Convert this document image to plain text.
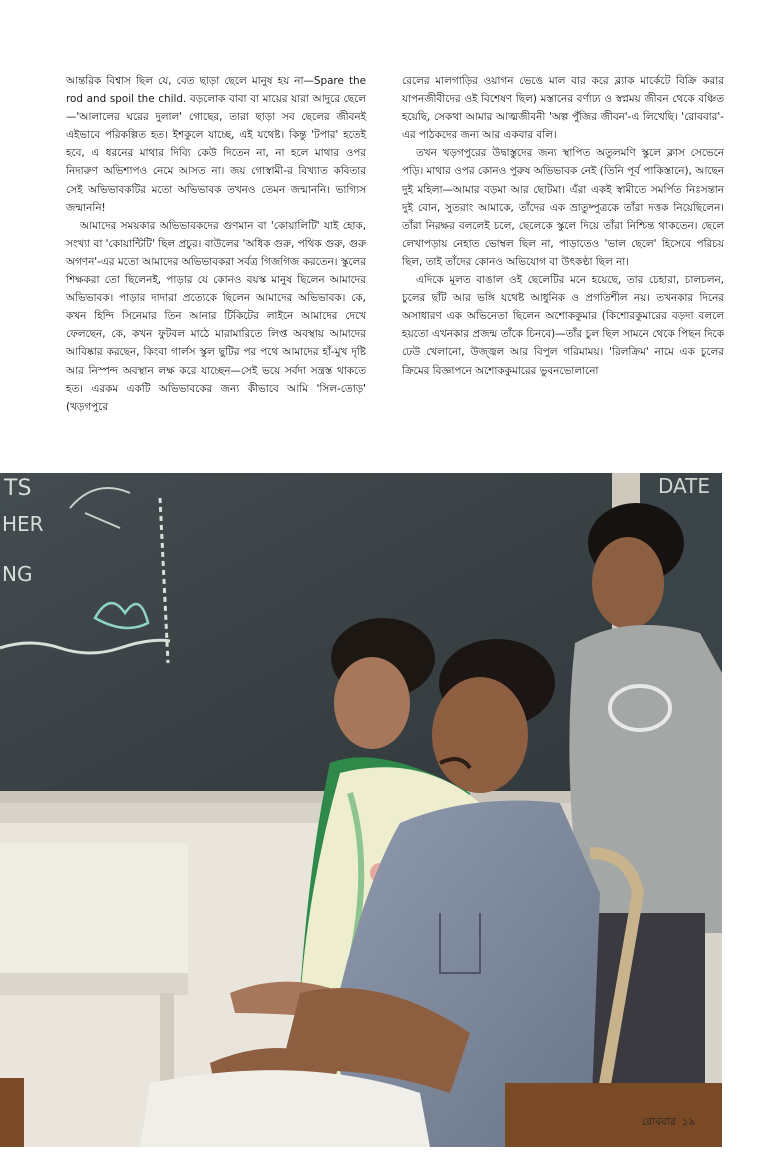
আন্তরিক বিশ্বাস ছিল যে, বেত ছাড়া ছেলে মানুষ হয় না—Spare the rod and spoil the child. বড়লোক বাবা বা মায়ের যারা আদুরে ছেলে—'আলালের ঘরের দুলাল' গোছের, তারা ছাড়া সব ছেলের জীবনই এইভাবে পরিকল্পিত হত। ইশকুলে যাচ্ছে, এই যথেষ্ট। কিন্তু 'টপার' হতেই হবে, এ ধরনের মাথার দিব্যি কেউ দিতেন না, না হলে মাথার ওপর নিদারুণ অভিশাপও নেমে আসত না। জয় গোস্বামী-র বিখ্যাত কবিতার সেই অভিভাবকটির মতো অভিভাবক তখনও তেমন জন্মাননি। ভাগ্যিস জন্মাননি!

আমাদের সময়কার অভিভাবকদের গুণমান বা 'কোয়ালিটি' যাই হোক, সংখ্যা বা 'কোয়ান্টিটি' ছিল প্রচুর। বাউলের 'অধিক গুরু, পথিক গুরু, গুরু অগণন'-এর মতো আমাদের অভিভাবকরা সর্বত্র গিজগিজ করতেন। স্কুলের শিক্ষকরা তো ছিলেনই, পাড়ার যে কোনও বয়স্ক মানুষ ছিলেন আমাদের অভিভাবক। পাড়ার দাদারা প্রত্যেকে ছিলেন আমাদের অভিভাবক। কে, কখন হিন্দি সিনেমার তিন আনার টিকিটের লাইনে আমাদের দেখে ফেলছেন, কে, কখন ফুটবল মাঠে মারামারিতে লিপ্ত অবস্থায় আমাদের আবিষ্কার করছেন, কিংবা গার্লস স্কুল ছুটির পর পথে আমাদের হাঁ-মুখ দৃষ্টি আর নিস্পন্দ অবস্থান লক্ষ করে যাচ্ছেন—সেই ভয়ে সর্বদা সন্ত্রস্ত থাকতে হত। এরকম একটি অভিভাবকের জন্য কীভাবে আমি 'সিল-তোড়' (খড়গপুরে

রেলের মালগাড়ির ওয়াগন ভেঙে মাল বার করে ব্ল্যাক মার্কেটে বিক্রি করার যাপনজীবীদের ওই বিশেষণ ছিল) মস্তানের বর্ণাঢ্য ও স্বপ্নময় জীবন থেকে বঞ্চিত হয়েছি, সেকথা আমার আত্মজীবনী 'অল্প পুঁজির জীবন'-এ লিখেছি। 'রোববার'-এর পাঠকদের জন্য আর একবার বলি।

তখন খড়গপুরের উদ্বাস্তুদের জন্য স্থাপিত অতুলমণি স্কুলে ক্লাস সেভেনে পড়ি। মাথার ওপর কোনও পুরুষ অভিভাবক নেই (তিনি পূর্ব পাকিস্তানে), আছেন দুই মহিলা—আমার বড়মা আর ছোটমা। এঁরা একই স্বামীতে সমর্পিত নিঃসন্তান দুই বোন, সুতরাং আমাকে, তাঁদের এক ভ্রাতুষ্পুত্রকে তাঁরা দত্তক নিয়েছিলেন। তাঁরা নিরক্ষর বললেই চলে, ছেলেকে স্কুলে দিয়ে তাঁরা নিশ্চিন্ত থাকতেন। ছেলে লেখাপড়ায় নেহাত ভোম্বল ছিল না, পাড়াতেও 'ভাল ছেলে' হিসেবে পরিচয় ছিল, তাই তাঁদের কোনও অভিযোগ বা উৎকণ্ঠা ছিল না।

এদিকে মূলত বাঙাল ওই ছেলেটির মনে হয়েছে, তার চেহারা, চালচলন, চুলের ছাঁট আর ভঙ্গি যথেষ্ট আধুনিক ও প্রগতিশীল নয়। তখনকার দিনের অসাধারণ এক অভিনেতা ছিলেন অশোককুমার (কিশোরকুমারের বড়দা বললে হয়তো এখনকার প্রজন্ম তাঁকে চিনবে)—তাঁর চুল ছিল সামনে থেকে পিছন দিকে ঢেউ খেলানো, উজ্জ্বল আর বিপুল গরিমাময়। 'রিলক্রিম' নামে এক চুলের ক্রিমের বিজ্ঞাপনে অশোককুমারের ভুবনভোলানো

TS
HER
NG
DATE
রোববার ১৯
